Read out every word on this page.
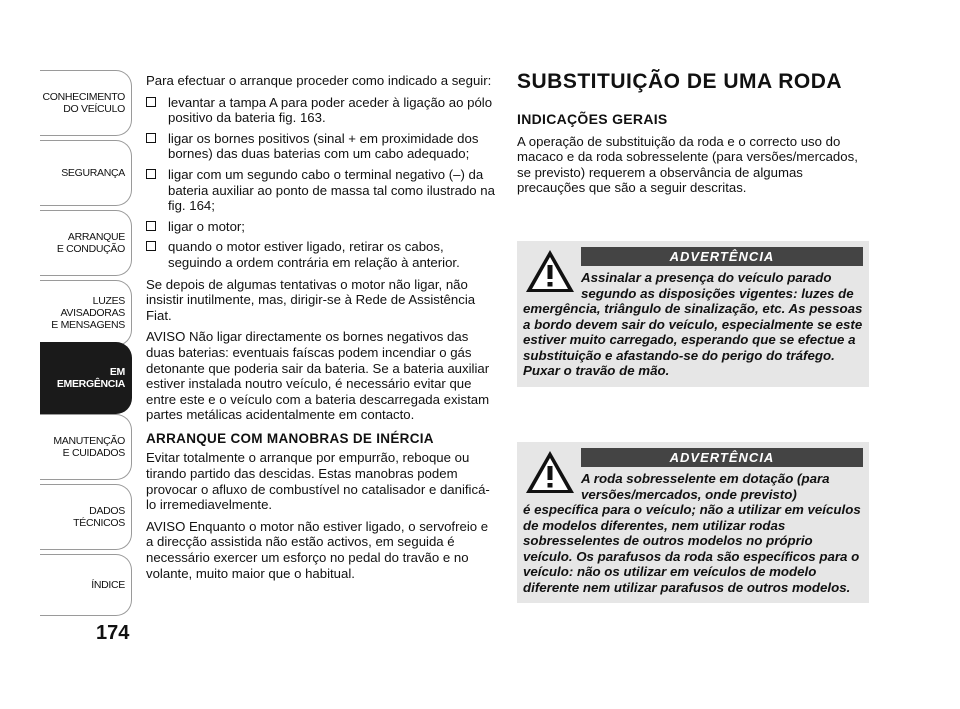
CONHECIMENTO
DO VEÍCULO
SEGURANÇA
ARRANQUE
E CONDUÇÃO
LUZES
AVISADORAS
E MENSAGENS
EM EMERGÊNCIA
MANUTENÇÃO
E CUIDADOS
DADOS
TÉCNICOS
ÍNDICE
174

Para efectuar o arranque proceder como indicado a seguir:

levantar a tampa A para poder aceder à ligação ao pólo positivo da bateria fig. 163.
ligar os bornes positivos (sinal + em proximidade dos bornes) das duas baterias com um cabo adequado;
ligar com um segundo cabo o terminal negativo (–) da bateria auxiliar ao ponto de massa tal como ilustrado na fig. 164;
ligar o motor;
quando o motor estiver ligado, retirar os cabos, seguindo a ordem contrária em relação à anterior.

Se depois de algumas tentativas o motor não ligar, não insistir inutilmente, mas, dirigir-se à Rede de Assistência Fiat.

AVISO Não ligar directamente os bornes negativos das duas baterias: eventuais faíscas podem incendiar o gás detonante que poderia sair da bateria. Se a bateria auxiliar estiver instalada noutro veículo, é necessário evitar que entre este e o veículo com a bateria descarregada existam partes metálicas acidentalmente em contacto.

ARRANQUE COM MANOBRAS DE INÉRCIA

Evitar totalmente o arranque por empurrão, reboque ou tirando partido das descidas. Estas manobras podem provocar o afluxo de combustível no catalisador e danificá-lo irremediavelmente.

AVISO Enquanto o motor não estiver ligado, o servofreio e a direcção assistida não estão activos, em seguida é necessário exercer um esforço no pedal do travão e no volante, muito maior que o habitual.

SUBSTITUIÇÃO DE UMA RODA
INDICAÇÕES GERAIS

A operação de substituição da roda e o correcto uso do macaco e da roda sobresselente (para versões/mercados, se previsto) requerem a observância de algumas precauções que são a seguir descritas.

ADVERTÊNCIA
Assinalar a presença do veículo parado segundo as disposições vigentes: luzes de
emergência, triângulo de sinalização, etc. As pessoas a bordo devem sair do veículo, especialmente se este estiver muito carregado, esperando que se efectue a substituição e afastando-se do perigo do tráfego. Puxar o travão de mão.
ADVERTÊNCIA
A roda sobresselente em dotação (para versões/mercados, onde previsto)
é específica para o veículo; não a utilizar em veículos de modelos diferentes, nem utilizar rodas sobresselentes de outros modelos no próprio veículo. Os parafusos da roda são específicos para o veículo: não os utilizar em veículos de modelo diferente nem utilizar parafusos de outros modelos.
